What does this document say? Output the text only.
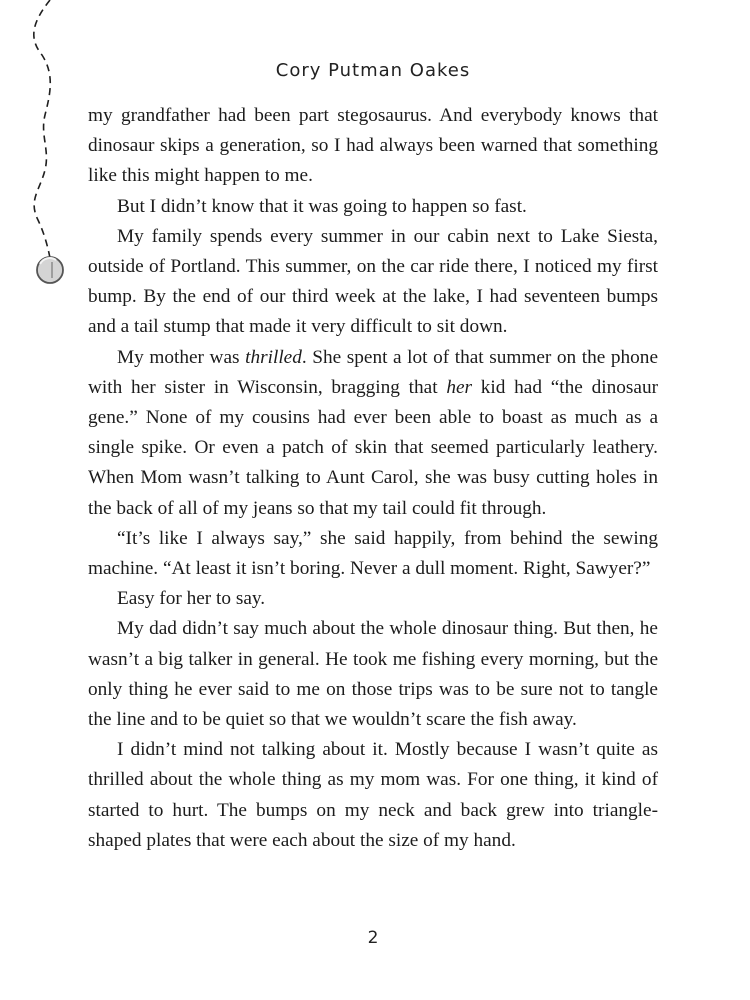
Cory Putman Oakes

my grandfather had been part stegosaurus. And everybody knows that dinosaur skips a generation, so I had always been warned that something like this might happen to me.

But I didn’t know that it was going to happen so fast.

My family spends every summer in our cabin next to Lake Siesta, outside of Portland. This summer, on the car ride there, I noticed my first bump. By the end of our third week at the lake, I had seventeen bumps and a tail stump that made it very difficult to sit down.

My mother was thrilled. She spent a lot of that summer on the phone with her sister in Wisconsin, bragging that her kid had “the dinosaur gene.” None of my cousins had ever been able to boast as much as a single spike. Or even a patch of skin that seemed particularly leathery. When Mom wasn’t talking to Aunt Carol, she was busy cutting holes in the back of all of my jeans so that my tail could fit through.

“It’s like I always say,” she said happily, from behind the sewing machine. “At least it isn’t boring. Never a dull moment. Right, Sawyer?”

Easy for her to say.

My dad didn’t say much about the whole dinosaur thing. But then, he wasn’t a big talker in general. He took me fishing every morning, but the only thing he ever said to me on those trips was to be sure not to tangle the line and to be quiet so that we wouldn’t scare the fish away.

I didn’t mind not talking about it. Mostly because I wasn’t quite as thrilled about the whole thing as my mom was. For one thing, it kind of started to hurt. The bumps on my neck and back grew into triangle-shaped plates that were each about the size of my hand.

2
